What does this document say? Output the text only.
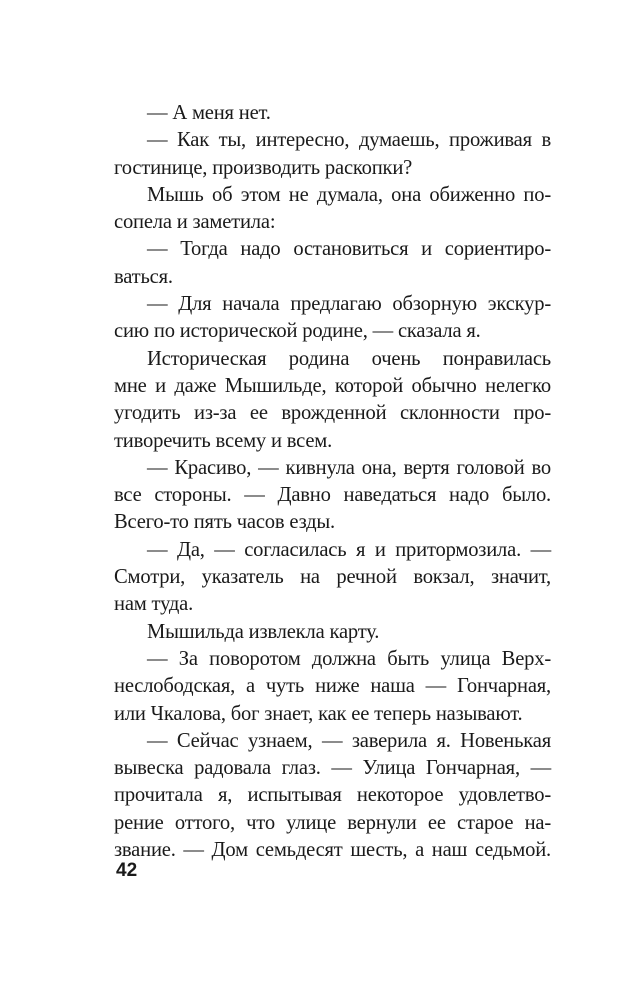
— А меня нет.
— Как ты, интересно, думаешь, проживая в
гостинице, производить раскопки?
Мышь об этом не думала, она обиженно по-
сопела и заметила:
— Тогда надо остановиться и сориентиро-
ваться.
— Для начала предлагаю обзорную экскур-
сию по исторической родине, — сказала я.
Историческая родина очень понравилась
мне и даже Мышильде, которой обычно нелегко
угодить из-за ее врожденной склонности про-
тиворечить всему и всем.
— Красиво, — кивнула она, вертя головой во
все стороны. — Давно наведаться надо было.
Всего-то пять часов езды.
— Да, — согласилась я и притормозила. —
Смотри, указатель на речной вокзал, значит,
нам туда.
Мышильда извлекла карту.
— За поворотом должна быть улица Верх-
неслободская, а чуть ниже наша — Гончарная,
или Чкалова, бог знает, как ее теперь называют.
— Сейчас узнаем, — заверила я. Новенькая
вывеска радовала глаз. — Улица Гончарная, —
прочитала я, испытывая некоторое удовлетво-
рение оттого, что улице вернули ее старое на-
звание. — Дом семьдесят шесть, а наш седьмой.
42
